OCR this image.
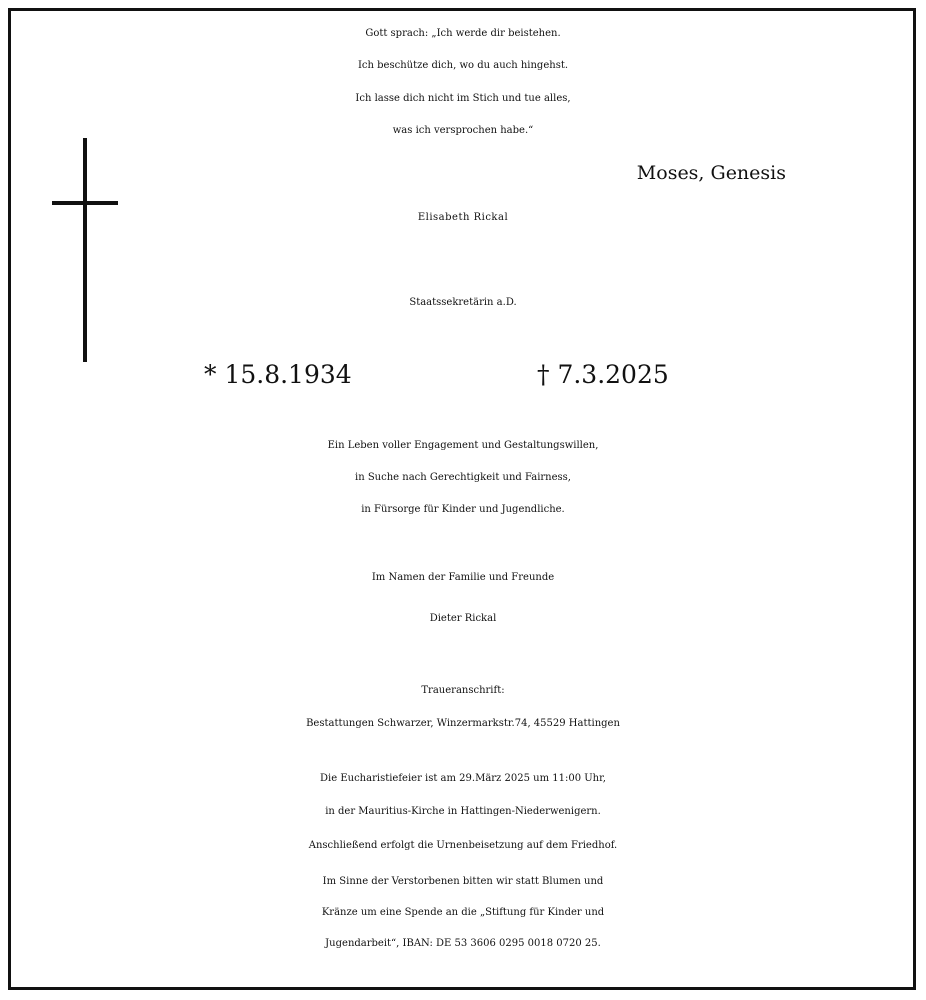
Gott sprach: „Ich werde dir beistehen.
Ich beschütze dich, wo du auch hingehst.
Ich lasse dich nicht im Stich und tue alles,
was ich versprochen habe.“
Moses, Genesis
Elisabeth Rickal
Staatssekretärin a.D.
* 15.8.1934	† 7.3.2025
Ein Leben voller Engagement und Gestaltungswillen,
in Suche nach Gerechtigkeit und Fairness,
in Fürsorge für Kinder und Jugendliche.
Im Namen der Familie und Freunde
Dieter Rickal
Traueranschrift:
Bestattungen Schwarzer, Winzermarkstr.74, 45529 Hattingen
Die Eucharistiefeier ist am 29.März 2025 um 11:00 Uhr,
in der Mauritius-Kirche in Hattingen-Niederwenigern.
Anschließend erfolgt die Urnenbeisetzung auf dem Friedhof.
Im Sinne der Verstorbenen bitten wir statt Blumen und
Kränze um eine Spende an die „Stiftung für Kinder und
Jugendarbeit“, IBAN: DE 53 3606 0295 0018 0720 25.
